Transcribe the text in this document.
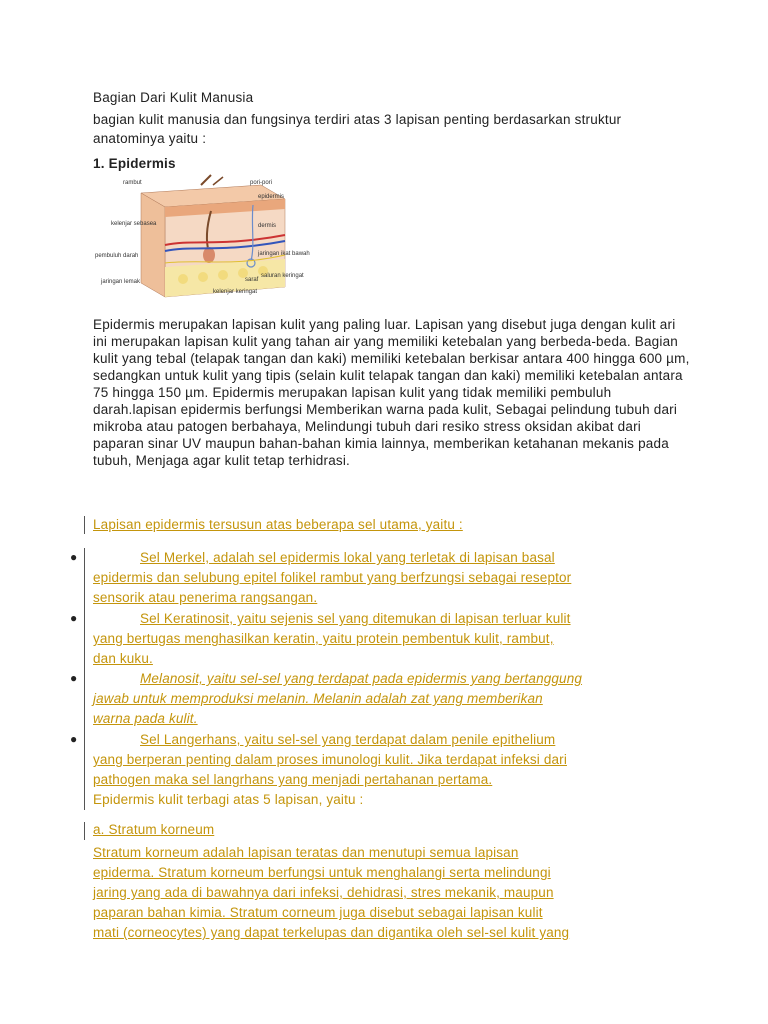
Bagian Dari Kulit Manusia
bagian kulit manusia dan fungsinya terdiri atas 3 lapisan penting berdasarkan struktur anatominya yaitu :
1. Epidermis
rambut	pori-pori
epidermis
kelenjar sebasea	dermis
pembuluh darah	jaringan ikat bawah
jaringan lemak	saraf
saluran keringat
kelenjar keringat
Epidermis merupakan lapisan kulit yang paling luar. Lapisan yang disebut juga dengan kulit ari ini merupakan lapisan kulit yang tahan air yang memiliki ketebalan yang berbeda-beda. Bagian kulit yang tebal (telapak tangan dan kaki) memiliki ketebalan berkisar antara 400 hingga 600 µm, sedangkan untuk kulit yang tipis (selain kulit telapak tangan dan kaki) memiliki ketebalan antara 75 hingga 150 µm. Epidermis merupakan lapisan kulit yang tidak memiliki pembuluh darah.lapisan epidermis berfungsi Memberikan warna pada kulit, Sebagai pelindung tubuh dari mikroba atau patogen berbahaya, Melindungi tubuh dari resiko stress oksidan akibat dari paparan sinar UV maupun bahan-bahan kimia lainnya, memberikan ketahanan mekanis pada tubuh, Menjaga agar kulit tetap terhidrasi.
Lapisan epidermis tersusun atas beberapa sel utama, yaitu :
●	Sel Merkel, adalah sel epidermis lokal yang terletak di lapisan basal
epidermis dan selubung epitel folikel rambut yang berfzungsi sebagai reseptor
sensorik atau penerima rangsangan.
●	Sel Keratinosit, yaitu sejenis sel yang ditemukan di lapisan terluar kulit
yang bertugas menghasilkan keratin, yaitu protein pembentuk kulit, rambut,
dan kuku.
●	Melanosit, yaitu sel-sel yang terdapat pada epidermis yang bertanggung
jawab untuk memproduksi melanin. Melanin adalah zat yang memberikan
warna pada kulit.
●	Sel Langerhans, yaitu sel-sel yang terdapat dalam penile epithelium
yang berperan penting dalam proses imunologi kulit. Jika terdapat infeksi dari
pathogen maka sel langrhans yang menjadi pertahanan pertama.
Epidermis kulit terbagi atas 5 lapisan, yaitu :
a. Stratum korneum
Stratum korneum adalah lapisan teratas dan menutupi semua lapisan
epiderma. Stratum korneum berfungsi untuk menghalangi serta melindungi
jaring yang ada di bawahnya dari infeksi, dehidrasi, stres mekanik, maupun
paparan bahan kimia. Stratum corneum juga disebut sebagai lapisan kulit
mati (corneocytes) yang dapat terkelupas dan digantika oleh sel-sel kulit yang
